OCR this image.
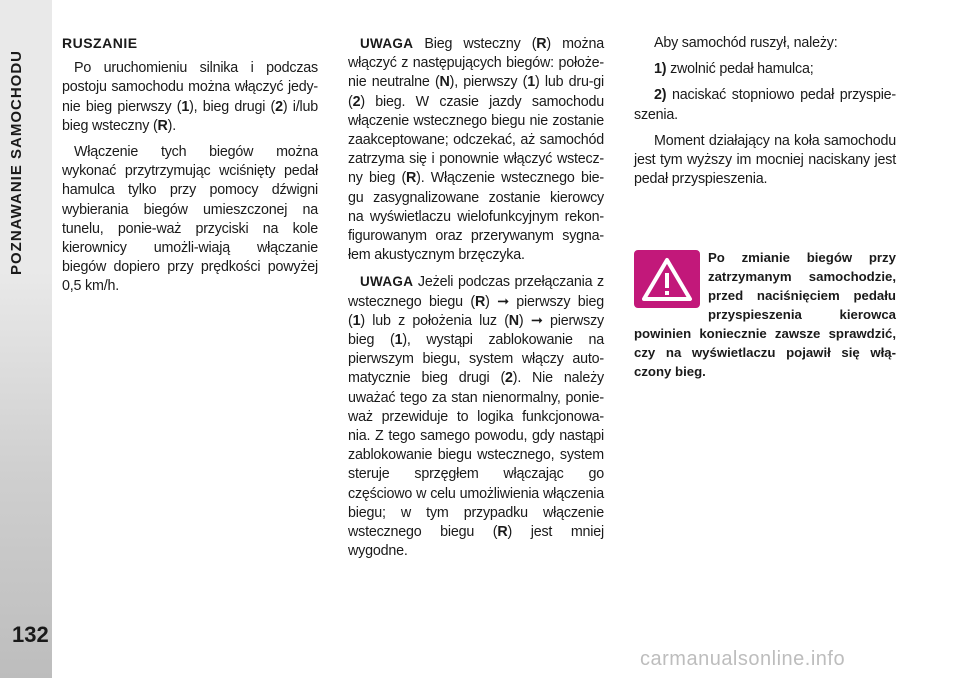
POZNAWANIE SAMOCHODU
132
RUSZANIE

Po uruchomieniu silnika i podczas postoju samochodu można włączyć jedy-nie bieg pierwszy (1), bieg drugi (2) i/lub bieg wsteczny (R).

Włączenie tych biegów można wykonać przytrzymując wciśnięty pedał hamulca tylko przy pomocy dźwigni wybierania biegów umieszczonej na tunelu, ponie-waż przyciski na kole kierownicy umożli-wiają włączanie biegów dopiero przy prędkości powyżej 0,5 km/h.

UWAGA Bieg wsteczny (R) można włączyć z następujących biegów: położe-nie neutralne (N), pierwszy (1) lub dru-gi (2) bieg. W czasie jazdy samochodu włączenie wstecznego biegu nie zostanie zaakceptowane; odczekać, aż samochód zatrzyma się i ponownie włączyć wstecz-ny bieg (R). Włączenie wstecznego bie-gu zasygnalizowane zostanie kierowcy na wyświetlaczu wielofunkcyjnym rekon-figurowanym oraz przerywanym sygna-łem akustycznym brzęczyka.

UWAGA Jeżeli podczas przełączania z wstecznego biegu (R) ➞ pierwszy bieg (1) lub z położenia luz (N) ➞ pierwszy bieg (1), wystąpi zablokowanie na pierwszym biegu, system włączy auto-matycznie bieg drugi (2). Nie należy uważać tego za stan nienormalny, ponie-waż przewiduje to logika funkcjonowa-nia. Z tego samego powodu, gdy nastąpi zablokowanie biegu wstecznego, system steruje sprzęgłem włączając go częściowo w celu umożliwienia włączenia biegu; w tym przypadku włączenie wstecznego biegu (R) jest mniej wygodne.

Aby samochód ruszył, należy:

1) zwolnić pedał hamulca;

2) naciskać stopniowo pedał przyspie-szenia.

Moment działający na koła samochodu jest tym wyższy im mocniej naciskany jest pedał przyspieszenia.

Po zmianie biegów przy zatrzymanym samochodzie, przed naciśnięciem pedału przyspieszenia kierowca powinien koniecznie zawsze sprawdzić, czy na wyświetlaczu pojawił się włą-czony bieg.
carmanualsonline.info
